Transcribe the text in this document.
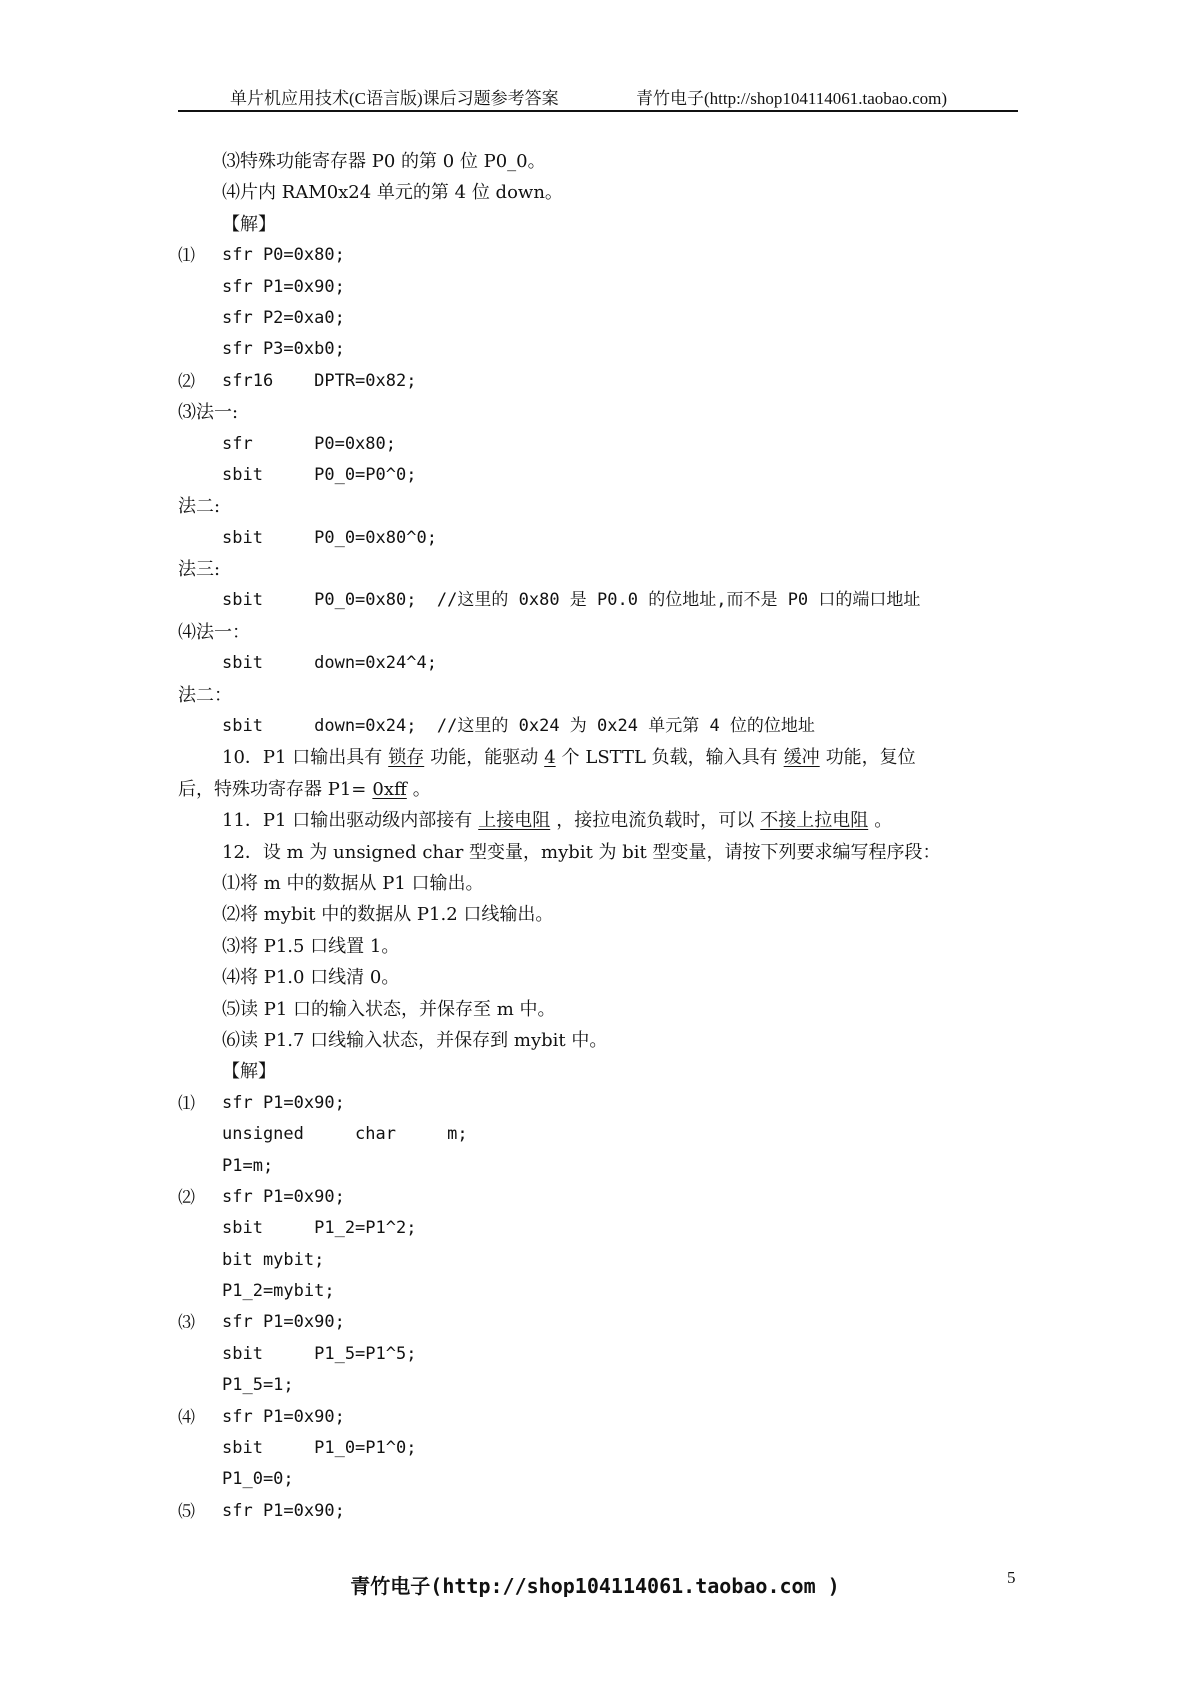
单片机应用技术(C语言版)课后习题参考答案	青竹电子(http://shop104114061.taobao.com)
⑶特殊功能寄存器 P0 的第 0 位 P0_0。
⑷片内 RAM0x24 单元的第 4 位 down。
【解】
⑴ sfr P0=0x80;
sfr P1=0x90;
sfr P2=0xa0;
sfr P3=0xb0;
⑵ sfr16    DPTR=0x82;
⑶法一:
sfr      P0=0x80;
sbit     P0_0=P0^0;
法二:
sbit     P0_0=0x80^0;
法三:
sbit     P0_0=0x80;  //这里的 0x80 是 P0.0 的位地址,而不是 P0 口的端口地址
⑷法一：
sbit     down=0x24^4;
法二：
sbit     down=0x24;  //这里的 0x24 为 0x24 单元第 4 位的位地址
10．P1 口输出具有 锁存 功能，能驱动 4 个 LSTTL 负载，输入具有 缓冲 功能，复位
后，特殊功寄存器 P1= 0xff 。
11．P1 口输出驱动级内部接有 上接电阻 ，接拉电流负载时，可以 不接上拉电阻 。
12．设 m 为 unsigned char 型变量，mybit 为 bit 型变量，请按下列要求编写程序段：
⑴将 m 中的数据从 P1 口输出。
⑵将 mybit 中的数据从 P1.2 口线输出。
⑶将 P1.5 口线置 1。
⑷将 P1.0 口线清 0。
⑸读 P1 口的输入状态，并保存至 m 中。
⑹读 P1.7 口线输入状态，并保存到 mybit 中。
【解】
⑴ sfr P1=0x90;
unsigned     char     m;
P1=m;
⑵ sfr P1=0x90;
sbit     P1_2=P1^2;
bit mybit;
P1_2=mybit;
⑶ sfr P1=0x90;
sbit     P1_5=P1^5;
P1_5=1;
⑷ sfr P1=0x90;
sbit     P1_0=P1^0;
P1_0=0;
⑸ sfr P1=0x90;
青竹电子(http://shop104114061.taobao.com )	5
